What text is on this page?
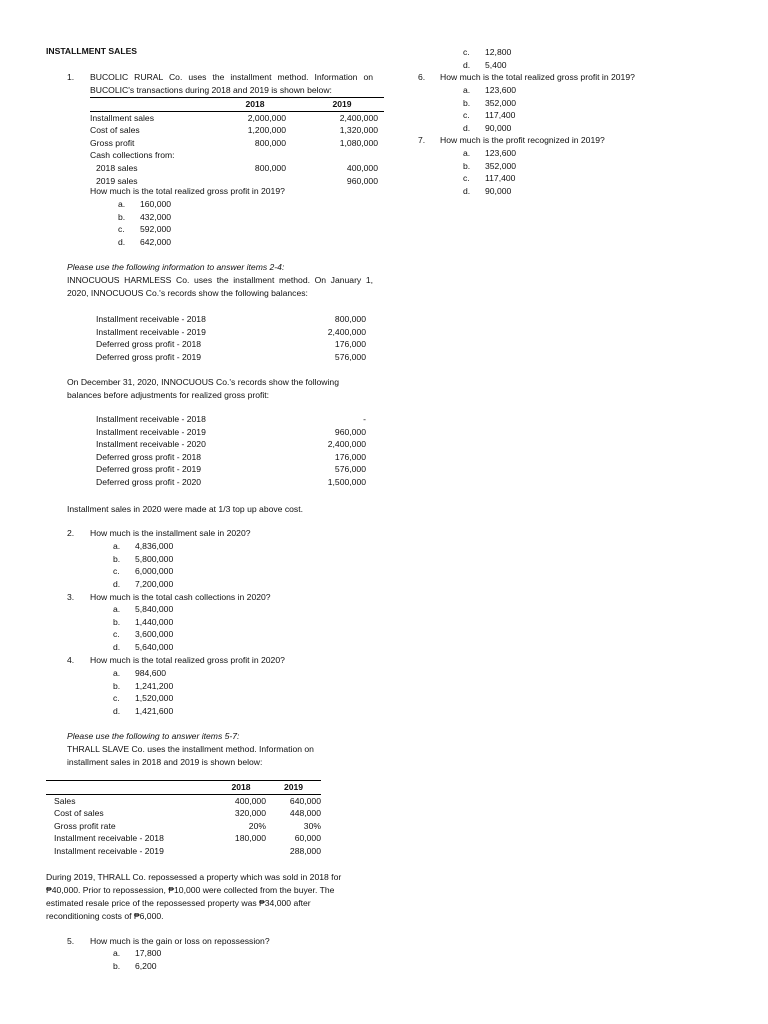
INSTALLMENT SALES
1. BUCOLIC RURAL Co. uses the installment method. Information on
BUCOLIC's transactions during 2018 and 2019 is shown below:
	2018	2019
Installment sales	2,000,000	2,400,000
Cost of sales	1,200,000	1,320,000
Gross profit	800,000	1,080,000
Cash collections from:		
2018 sales	800,000	400,000
2019 sales		960,000
How much is the total realized gross profit in 2019?
a. 160,000
b. 432,000
c. 592,000
d. 642,000
Please use the following information to answer items 2-4:
INNOCUOUS HARMLESS Co. uses the installment method. On January 1,
2020, INNOCUOUS Co.'s records show the following balances:
Installment receivable - 2018	800,000
Installment receivable - 2019	2,400,000
Deferred gross profit - 2018	176,000
Deferred gross profit - 2019	576,000
On December 31, 2020, INNOCUOUS Co.'s records show the following
balances before adjustments for realized gross profit:
Installment receivable - 2018	-
Installment receivable - 2019	960,000
Installment receivable - 2020	2,400,000
Deferred gross profit - 2018	176,000
Deferred gross profit - 2019	576,000
Deferred gross profit - 2020	1,500,000
Installment sales in 2020 were made at 1/3 top up above cost.
2. How much is the installment sale in 2020?
a. 4,836,000
b. 5,800,000
c. 6,000,000
d. 7,200,000
3. How much is the total cash collections in 2020?
a. 5,840,000
b. 1,440,000
c. 3,600,000
d. 5,640,000
4. How much is the total realized gross profit in 2020?
a. 984,600
b. 1,241,200
c. 1,520,000
d. 1,421,600
Please use the following to answer items 5-7:
THRALL SLAVE Co. uses the installment method. Information on
installment sales in 2018 and 2019 is shown below:
	2018	2019
Sales	400,000	640,000
Cost of sales	320,000	448,000
Gross profit rate	20%	30%
Installment receivable - 2018	180,000	60,000
Installment receivable - 2019		288,000
During 2019, THRALL Co. repossessed a property which was sold in 2018 for
₱40,000. Prior to repossession, ₱10,000 were collected from the buyer. The
estimated resale price of the repossessed property was ₱34,000 after
reconditioning costs of ₱6,000.
5. How much is the gain or loss on repossession?
a. 17,800
b. 6,200
c. 12,800
d. 5,400
6. How much is the total realized gross profit in 2019?
a. 123,600
b. 352,000
c. 117,400
d. 90,000
7. How much is the profit recognized in 2019?
a. 123,600
b. 352,000
c. 117,400
d. 90,000
